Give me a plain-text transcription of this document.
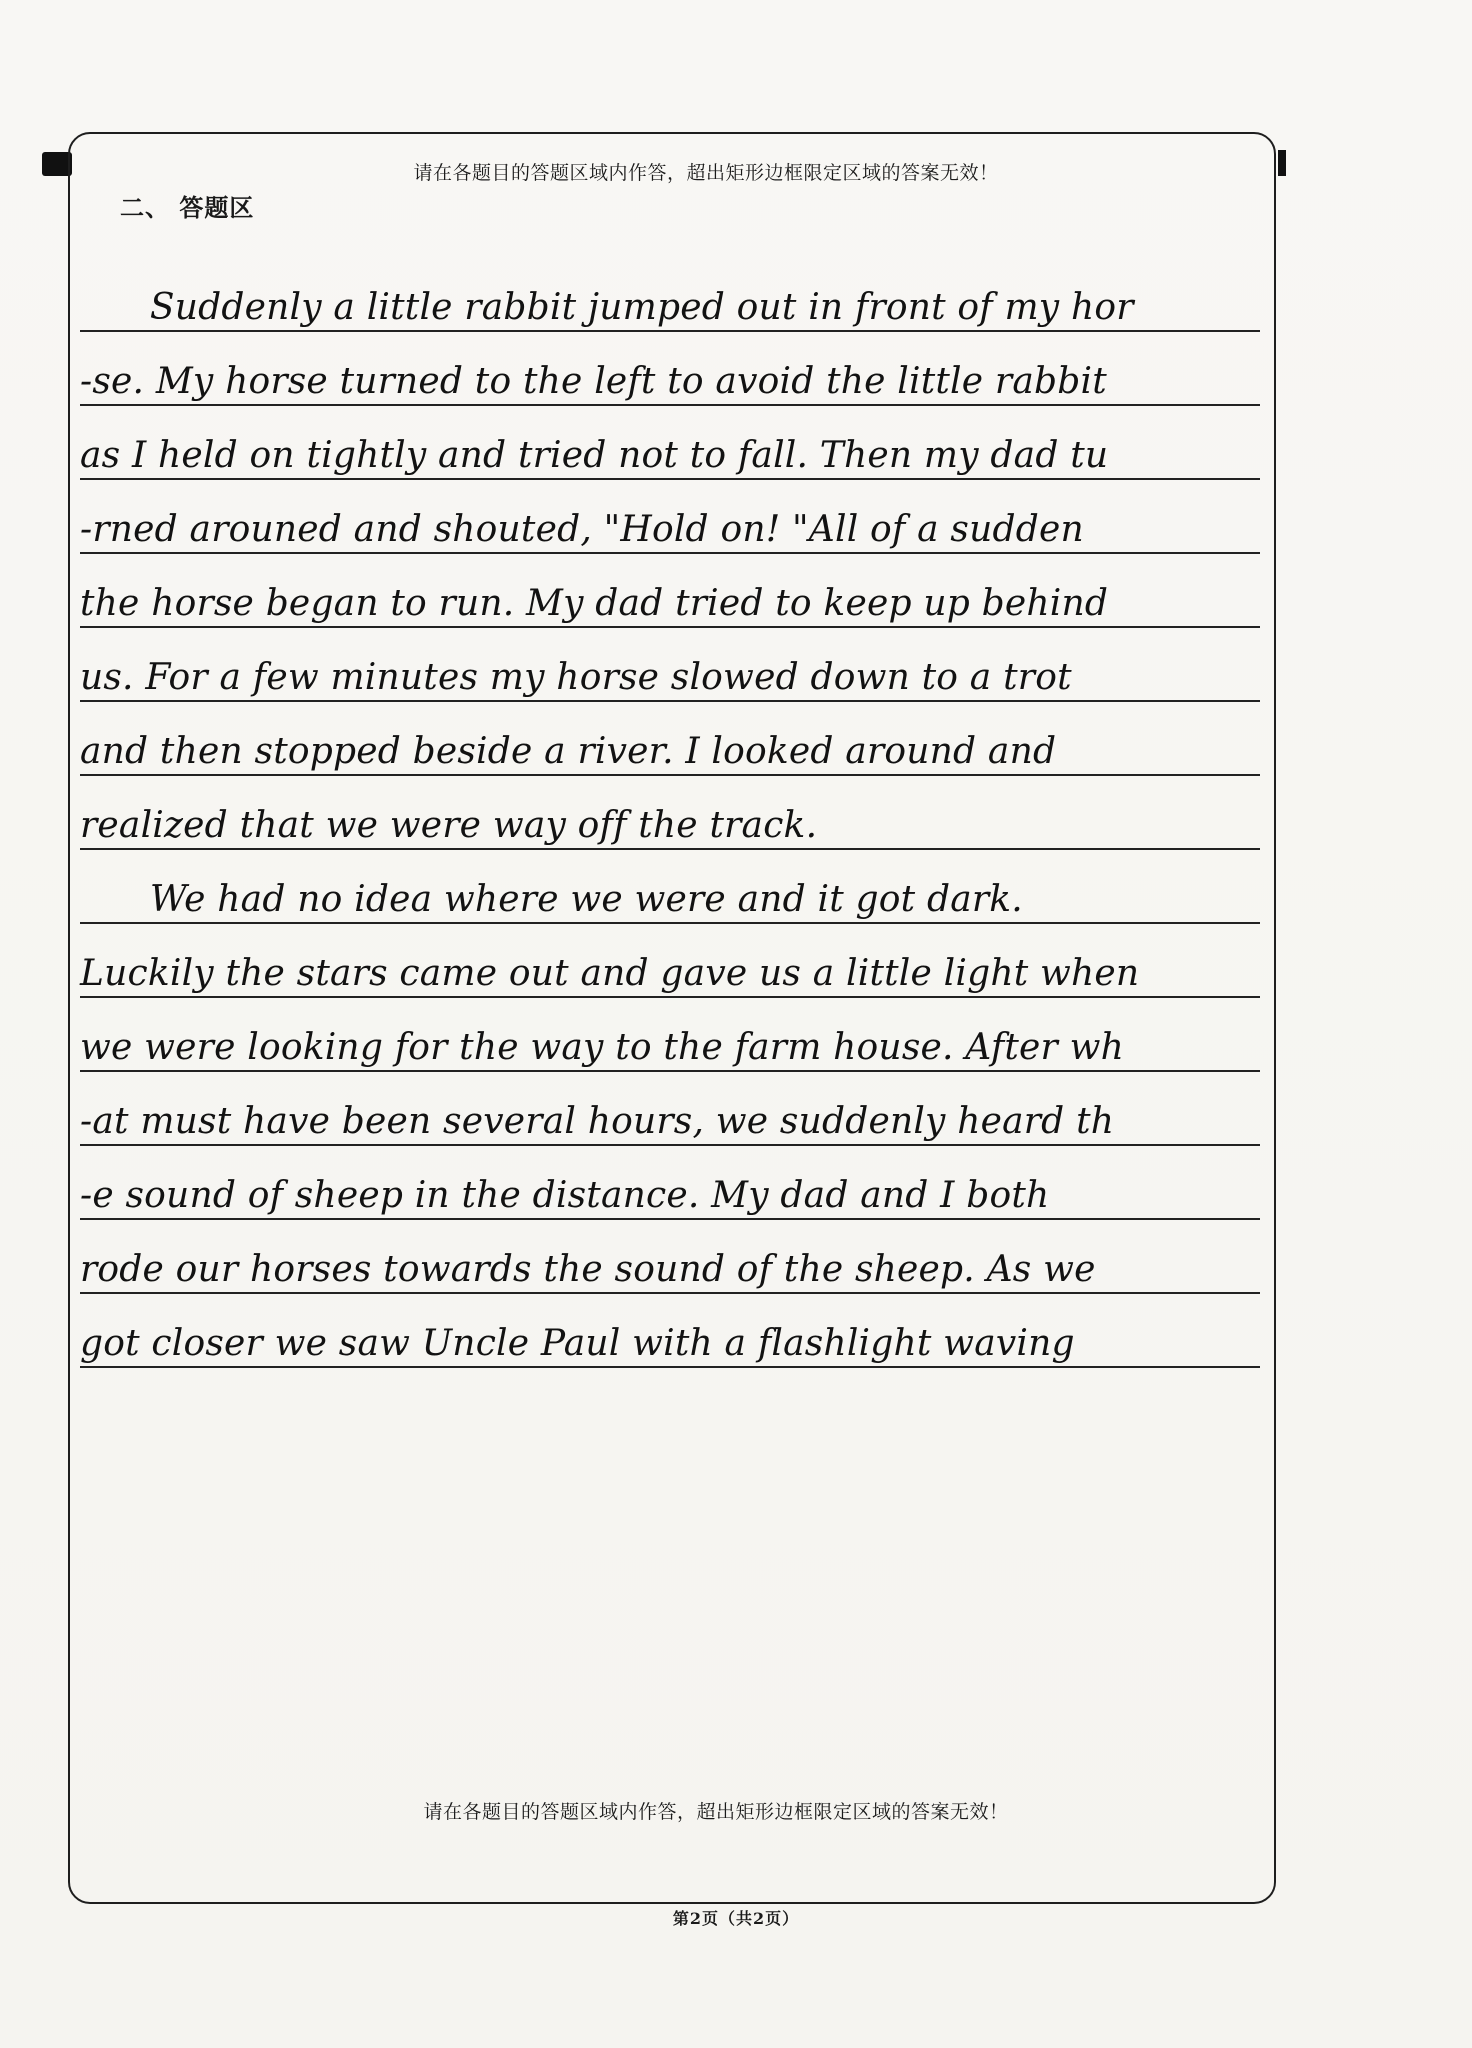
请在各题目的答题区域内作答，超出矩形边框限定区域的答案无效！
二、 答题区
Suddenly a little rabbit jumped out in front of my hor
-se. My horse turned to the left to avoid the little rabbit
as I held on tightly and tried not to fall. Then my dad tu
-rned arouned and shouted, "Hold on! "All of a sudden
the horse began to run. My dad tried to keep up behind
us. For a few minutes my horse slowed down to a trot
and then stopped beside a river. I looked around and
realized that we were way off the track.
We had no idea where we were and it got dark.
Luckily the stars came out and gave us a little light when
we were looking for the way to the farm house. After wh
-at must have been several hours, we suddenly heard th
-e sound of sheep in the distance. My dad and I both
rode our horses towards the sound of the sheep. As we
got closer we saw Uncle Paul with a flashlight waving
请在各题目的答题区域内作答，超出矩形边框限定区域的答案无效！
第2页（共2页）
